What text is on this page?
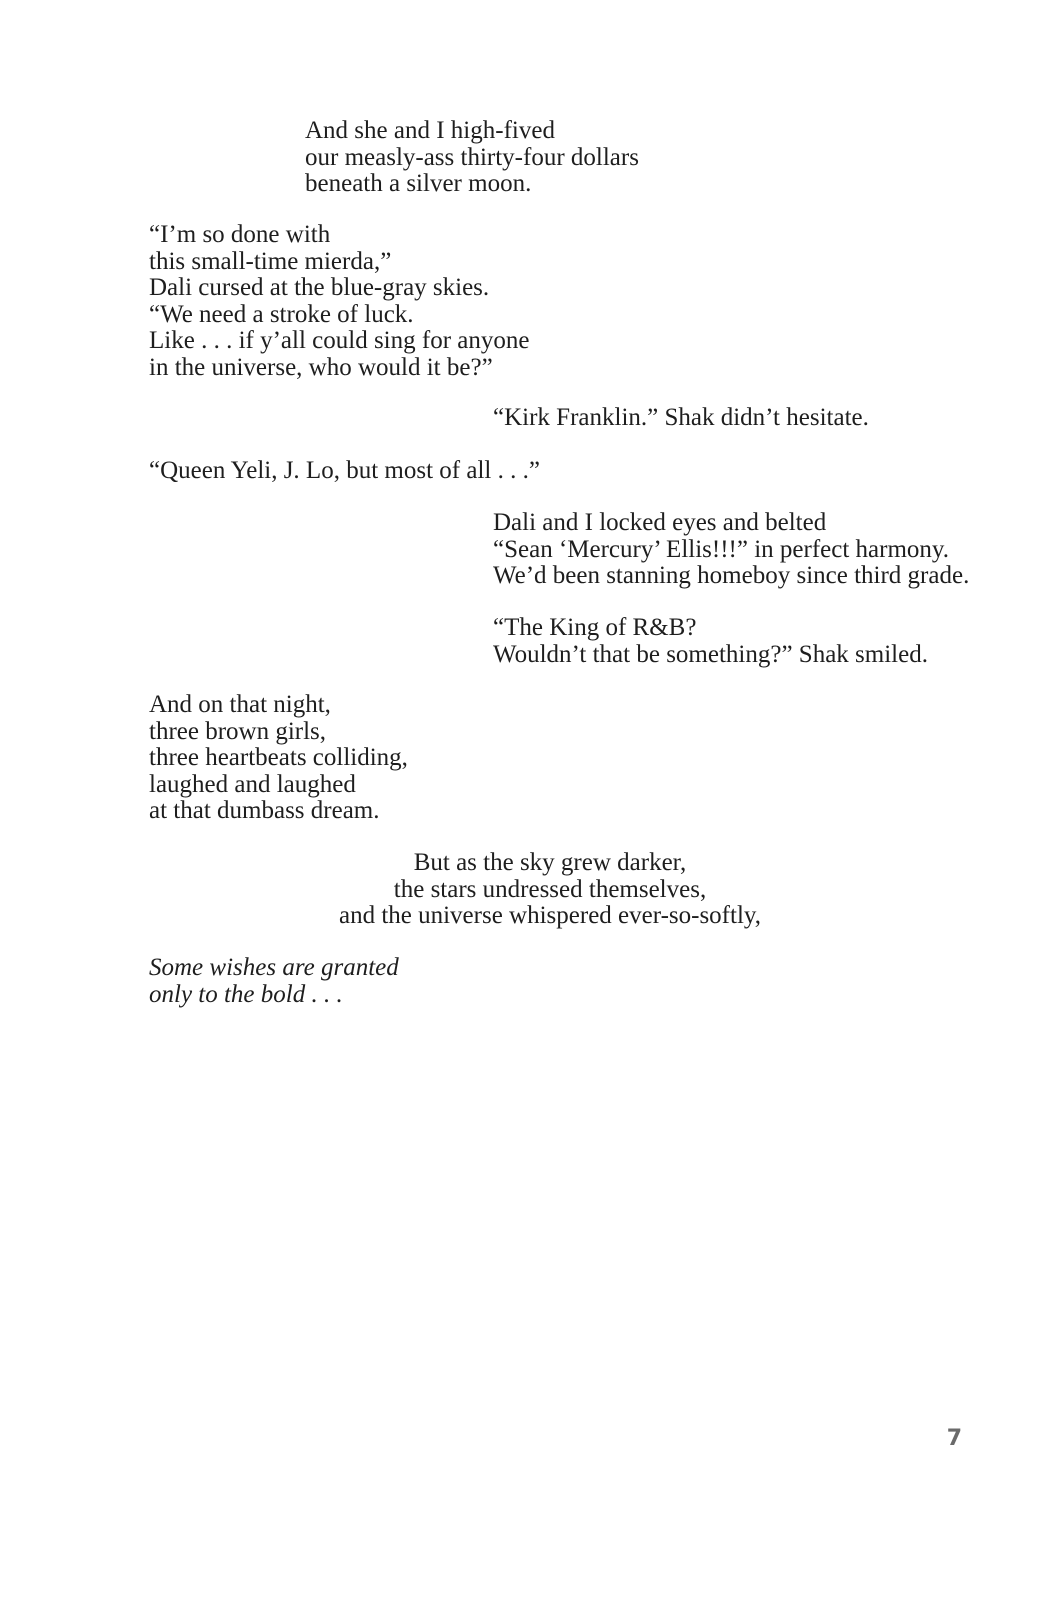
And she and I high-fived
our measly-ass thirty-four dollars
beneath a silver moon.
“I’m so done with
this small-time mierda,”
Dali cursed at the blue-gray skies.
“We need a stroke of luck.
Like . . . if y’all could sing for anyone
in the universe, who would it be?”
“Kirk Franklin.” Shak didn’t hesitate.
“Queen Yeli, J. Lo, but most of all . . .”
Dali and I locked eyes and belted
“Sean ‘Mercury’ Ellis!!!” in perfect harmony.
We’d been stanning homeboy since third grade.
“The King of R&B?
Wouldn’t that be something?” Shak smiled.
And on that night,
three brown girls,
three heartbeats colliding,
laughed and laughed
at that dumbass dream.
But as the sky grew darker,
the stars undressed themselves,
and the universe whispered ever-so-softly,
Some wishes are granted
only to the bold . . .
7
